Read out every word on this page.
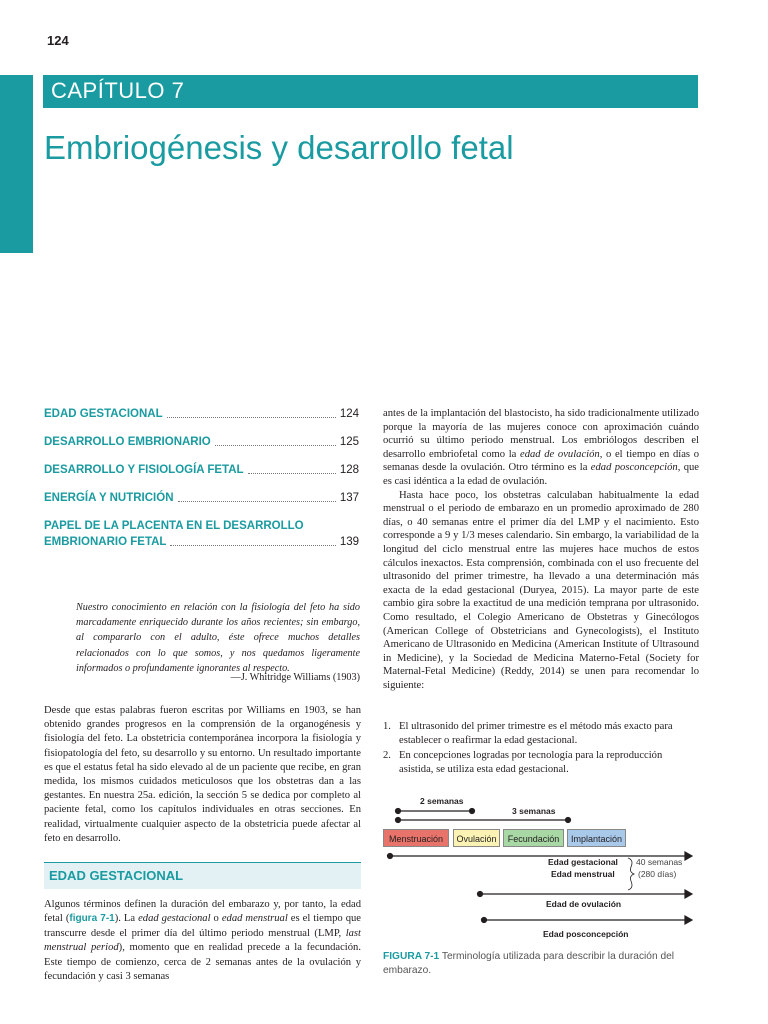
124
CAPÍTULO 7
Embriogénesis y desarrollo fetal
EDAD GESTACIONAL	124
DESARROLLO EMBRIONARIO	125
DESARROLLO Y FISIOLOGÍA FETAL	128
ENERGÍA Y NUTRICIÓN	137
PAPEL DE LA PLACENTA EN EL DESARROLLO
EMBRIONARIO FETAL	139
Nuestro conocimiento en relación con la fisiología del feto ha sido marcadamente enriquecido durante los años recientes; sin embargo, al compararlo con el adulto, éste ofrece muchos detalles relacionados con lo que somos, y nos quedamos ligeramente informados o profundamente ignorantes al respecto.
—J. Whitridge Williams (1903)
Desde que estas palabras fueron escritas por Williams en 1903, se han obtenido grandes progresos en la comprensión de la organogénesis y fisiología del feto. La obstetricia contemporánea incorpora la fisiología y fisiopatología del feto, su desarrollo y su entorno. Un resultado importante es que el estatus fetal ha sido elevado al de un paciente que recibe, en gran medida, los mismos cuidados meticulosos que los obstetras dan a las gestantes. En nuestra 25a. edición, la sección 5 se dedica por completo al paciente fetal, como los capítulos individuales en otras secciones. En realidad, virtualmente cualquier aspecto de la obstetricia puede afectar al feto en desarrollo.
EDAD GESTACIONAL
Algunos términos definen la duración del embarazo y, por tanto, la edad fetal (figura 7-1). La edad gestacional o edad menstrual es el tiempo que transcurre desde el primer día del último periodo menstrual (LMP, last menstrual period), momento que en realidad precede a la fecundación. Este tiempo de comienzo, cerca de 2 semanas antes de la ovulación y fecundación y casi 3 semanas
antes de la implantación del blastocisto, ha sido tradicionalmente utilizado porque la mayoría de las mujeres conoce con aproximación cuándo ocurrió su último periodo menstrual. Los embriólogos describen el desarrollo embriofetal como la edad de ovulación, o el tiempo en días o semanas desde la ovulación. Otro término es la edad posconcepción, que es casi idéntica a la edad de ovulación.
Hasta hace poco, los obstetras calculaban habitualmente la edad menstrual o el periodo de embarazo en un promedio aproximado de 280 días, o 40 semanas entre el primer día del LMP y el nacimiento. Esto corresponde a 9 y 1/3 meses calendario. Sin embargo, la variabilidad de la longitud del ciclo menstrual entre las mujeres hace muchos de estos cálculos inexactos. Esta comprensión, combinada con el uso frecuente del ultrasonido del primer trimestre, ha llevado a una determinación más exacta de la edad gestacional (Duryea, 2015). La mayor parte de este cambio gira sobre la exactitud de una medición temprana por ultrasonido. Como resultado, el Colegio Americano de Obstetras y Ginecólogos (American College of Obstetricians and Gynecologists), el Instituto Americano de Ultrasonido en Medicina (American Institute of Ultrasound in Medicine), y la Sociedad de Medicina Materno-Fetal (Society for Maternal-Fetal Medicine) (Reddy, 2014) se unen para recomendar lo siguiente:
1. El ultrasonido del primer trimestre es el método más exacto para establecer o reafirmar la edad gestacional.
2. En concepciones logradas por tecnología para la reproducción asistida, se utiliza esta edad gestacional.
2 semanas
3 semanas
Menstruación	Ovulación	Fecundación	Implantación
Edad gestacional
Edad menstrual
40 semanas
(280 días)
Edad de ovulación
Edad posconcepción
FIGURA 7-1 Terminología utilizada para describir la duración del embarazo.
